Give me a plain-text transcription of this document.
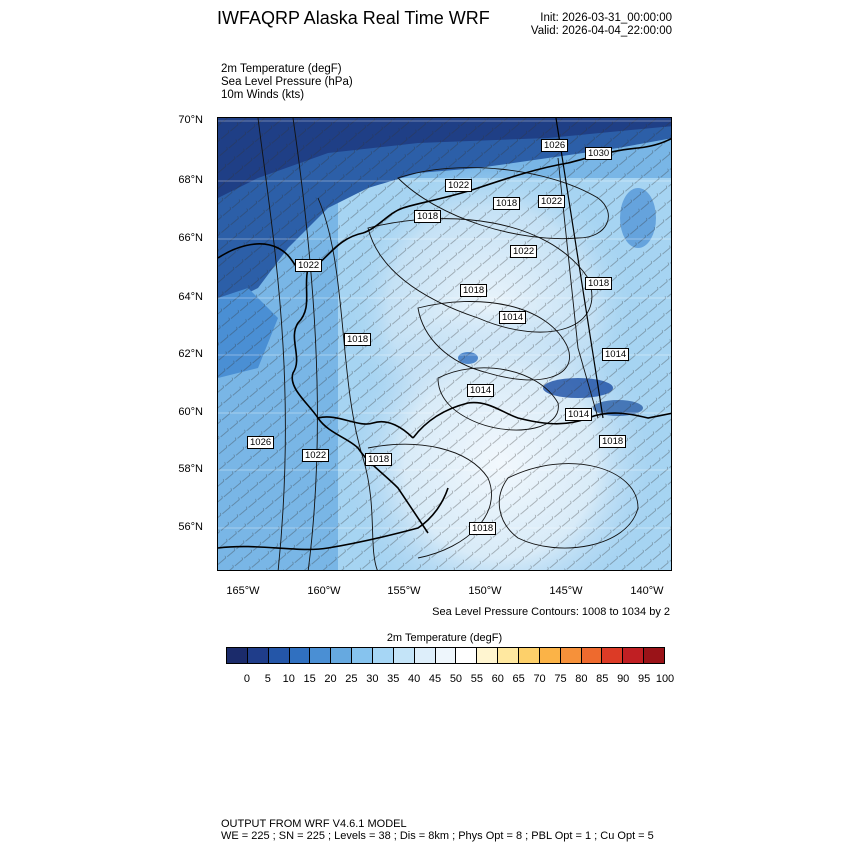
IWFAQRP Alaska Real Time WRF	Init: 2026-03-31_00:00:00
Valid: 2026-04-04_22:00:00
2m Temperature (degF)
Sea Level Pressure (hPa)
10m Winds (kts)
1026
1030
1022
1018	1022
1018
1022
1022
1018
1018
1014
1018
1014
1014
1014
1018
1026
1022	1018
1018
70°N
68°N
66°N
64°N
62°N
60°N
58°N
56°N
165°W	160°W	155°W	150°W	145°W	140°W
Sea Level Pressure Contours: 1008 to 1034 by 2
2m Temperature (degF)
0 5 10 15 20 25 30 35 40 45 50 55 60 65 70 75 80 85 90 95 100
OUTPUT FROM WRF V4.6.1 MODEL
WE = 225 ; SN = 225 ; Levels = 38 ; Dis = 8km ; Phys Opt = 8 ; PBL Opt = 1 ; Cu Opt = 5
